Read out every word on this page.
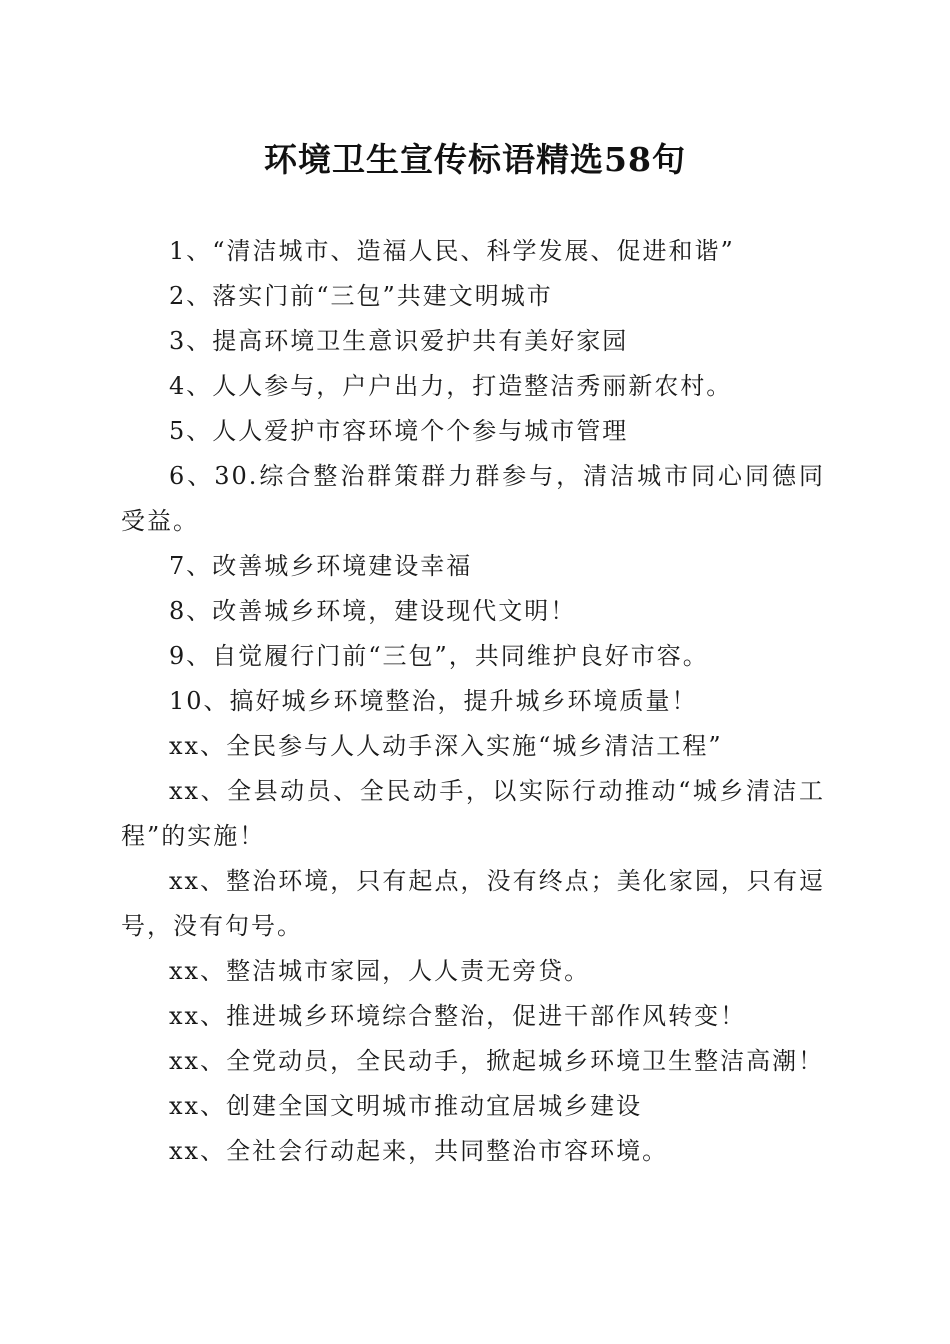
环境卫生宣传标语精选58句

1、“清洁城市、造福人民、科学发展、促进和谐”

2、落实门前“三包”共建文明城市

3、提高环境卫生意识爱护共有美好家园

4、人人参与，户户出力，打造整洁秀丽新农村。

5、人人爱护市容环境个个参与城市管理

6、30.综合整治群策群力群参与，清洁城市同心同德同受益。

7、改善城乡环境建设幸福

8、改善城乡环境，建设现代文明！

9、自觉履行门前“三包”，共同维护良好市容。

10、搞好城乡环境整治，提升城乡环境质量！

xx、全民参与人人动手深入实施“城乡清洁工程”

xx、全县动员、全民动手，以实际行动推动“城乡清洁工程”的实施！

xx、整治环境，只有起点，没有终点；美化家园，只有逗号，没有句号。

xx、整洁城市家园，人人责无旁贷。

xx、推进城乡环境综合整治，促进干部作风转变！

xx、全党动员，全民动手，掀起城乡环境卫生整洁高潮！

xx、创建全国文明城市推动宜居城乡建设

xx、全社会行动起来，共同整治市容环境。
